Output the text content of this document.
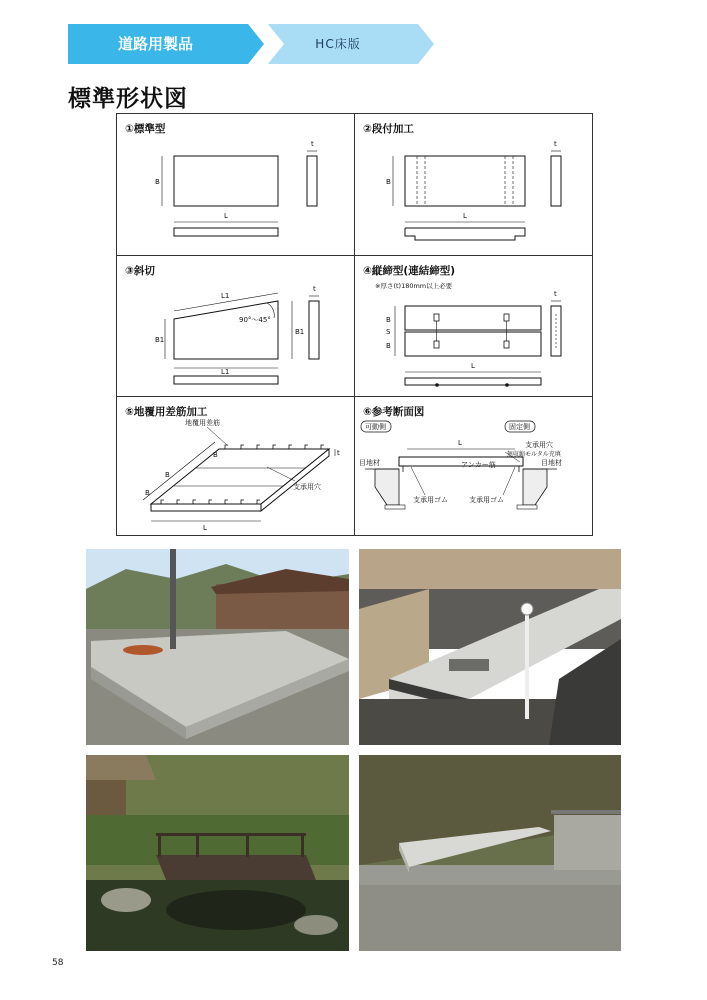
道路用製品	HC床版
標準形状図
①標準型
t
B
L
②段付加工
t
B
L
③斜切
t
B1
B1
L1
L1
90°～45°
④縦締型(連結締型)
※厚さ(t)180mm以上必要
t
B
S
B
L
⑤地覆用差筋加工
地覆用差筋
B
B
B
t
支承用穴
L
⑥参考断面図
可動側	固定側
L	支承用穴
無収縮モルタル充填
アンカー筋
目地材	目地材
支承用ゴム	支承用ゴム
58
